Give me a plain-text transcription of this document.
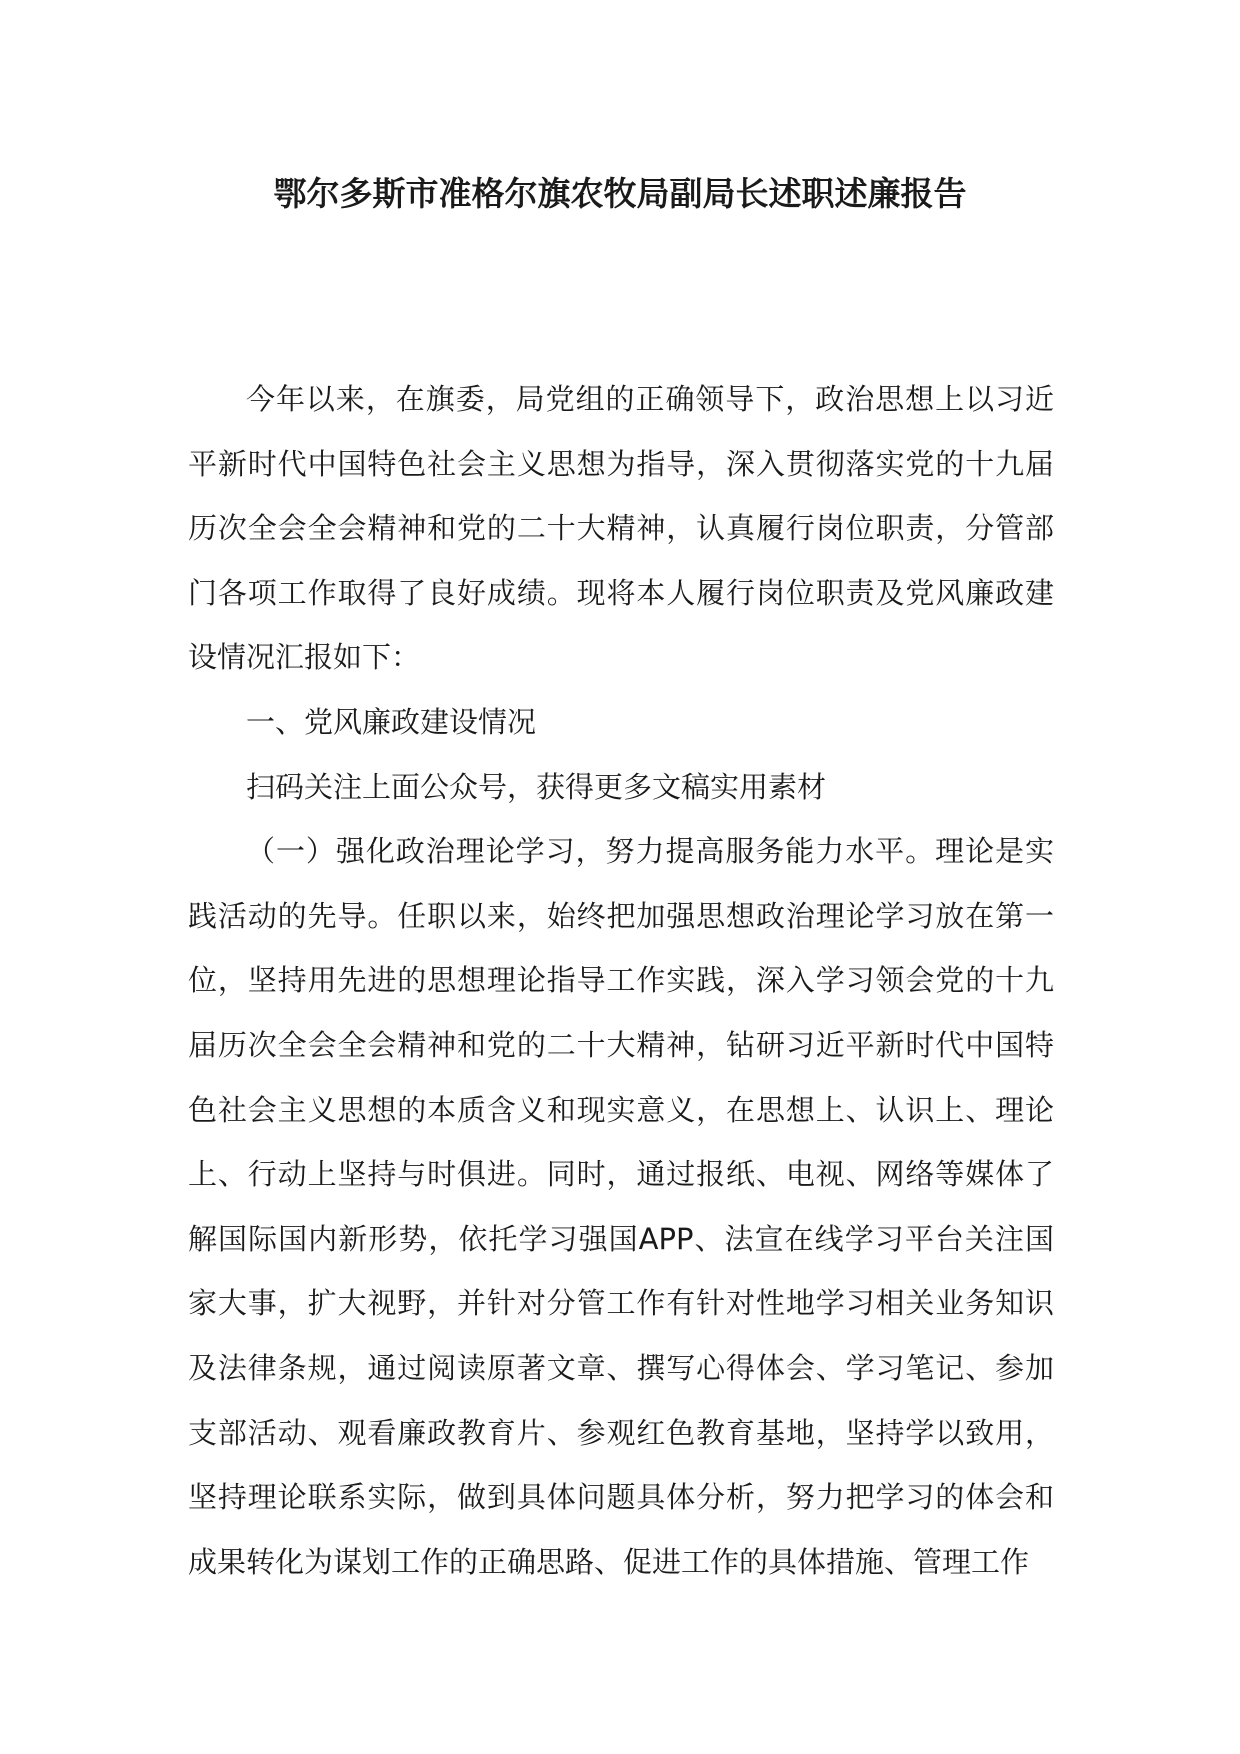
鄂尔多斯市准格尔旗农牧局副局长述职述廉报告

今年以来，在旗委，局党组的正确领导下，政治思想上以习近平新时代中国特色社会主义思想为指导，深入贯彻落实党的十九届历次全会全会精神和党的二十大精神，认真履行岗位职责，分管部门各项工作取得了良好成绩。现将本人履行岗位职责及党风廉政建设情况汇报如下：

一、党风廉政建设情况

扫码关注上面公众号，获得更多文稿实用素材

（一）强化政治理论学习，努力提高服务能力水平。理论是实践活动的先导。任职以来，始终把加强思想政治理论学习放在第一位，坚持用先进的思想理论指导工作实践，深入学习领会党的十九届历次全会全会精神和党的二十大精神，钻研习近平新时代中国特色社会主义思想的本质含义和现实意义，在思想上、认识上、理论上、行动上坚持与时俱进。同时，通过报纸、电视、网络等媒体了解国际国内新形势，依托学习强国APP、法宣在线学习平台关注国家大事，扩大视野，并针对分管工作有针对性地学习相关业务知识及法律条规，通过阅读原著文章、撰写心得体会、学习笔记、参加支部活动、观看廉政教育片、参观红色教育基地，坚持学以致用，坚持理论联系实际，做到具体问题具体分析，努力把学习的体会和成果转化为谋划工作的正确思路、促进工作的具体措施、管理工作
